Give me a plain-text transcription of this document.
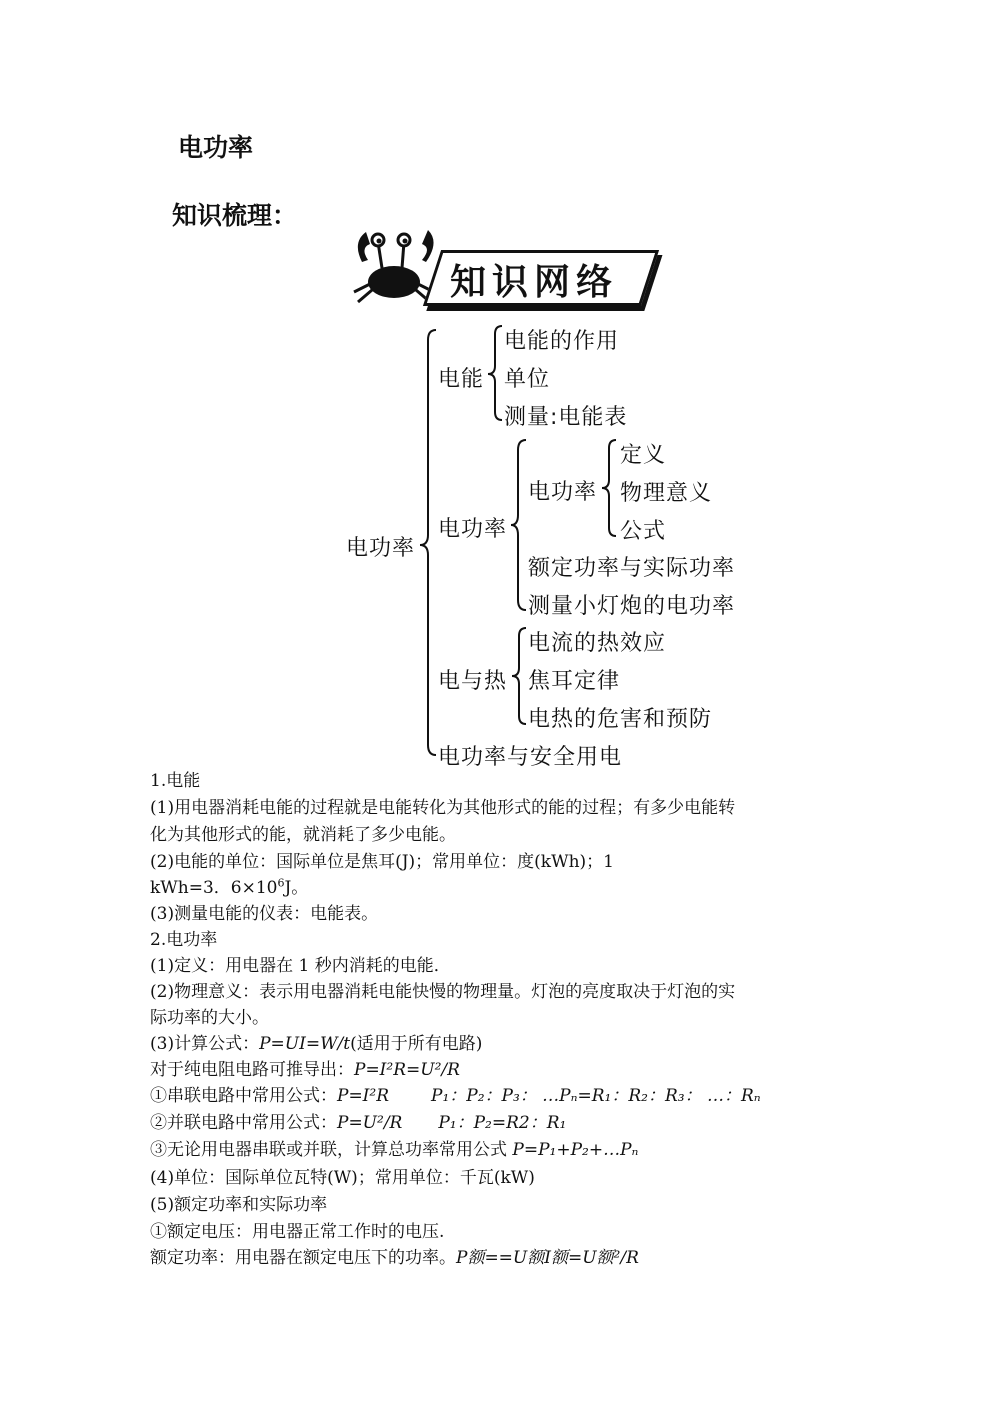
电功率
知识梳理：
知识网络
电功率
电能
电能的作用
单位
测量:电能表
电功率
电功率
定义
物理意义
公式
额定功率与实际功率
测量小灯炮的电功率
电与热
电流的热效应
焦耳定律
电热的危害和预防
电功率与安全用电
1.电能
(1)用电器消耗电能的过程就是电能转化为其他形式的能的过程；有多少电能转
化为其他形式的能，就消耗了多少电能。
(2)电能的单位：国际单位是焦耳(J)；常用单位：度(kWh)；1
kWh=3．$6\times 10^6J$。
(3)测量电能的仪表：电能表。
2.电功率
(1)定义：用电器在 1 秒内消耗的电能．
(2)物理意义：表示用电器消耗电能快慢的物理量。灯泡的亮度取决于灯泡的实
际功率的大小。
(3)计算公式：P=UI=W/t(适用于所有电路)
对于纯电阻电路可推导出：P=I²R=U²/R
①串联电路中常用公式：P=I²R P₁：P₂：P₃： …Pₙ=R₁：R₂：R₃： …：Rₙ
②并联电路中常用公式：P=U²/R P₁：P₂=R2：R₁
③无论用电器串联或并联，计算总功率常用公式 P=P₁+P₂+…Pₙ
(4)单位：国际单位瓦特(W)；常用单位：千瓦(kW)
(5)额定功率和实际功率
①额定电压：用电器正常工作时的电压.
额定功率：用电器在额定电压下的功率。P额==U额I额=U额²/R
